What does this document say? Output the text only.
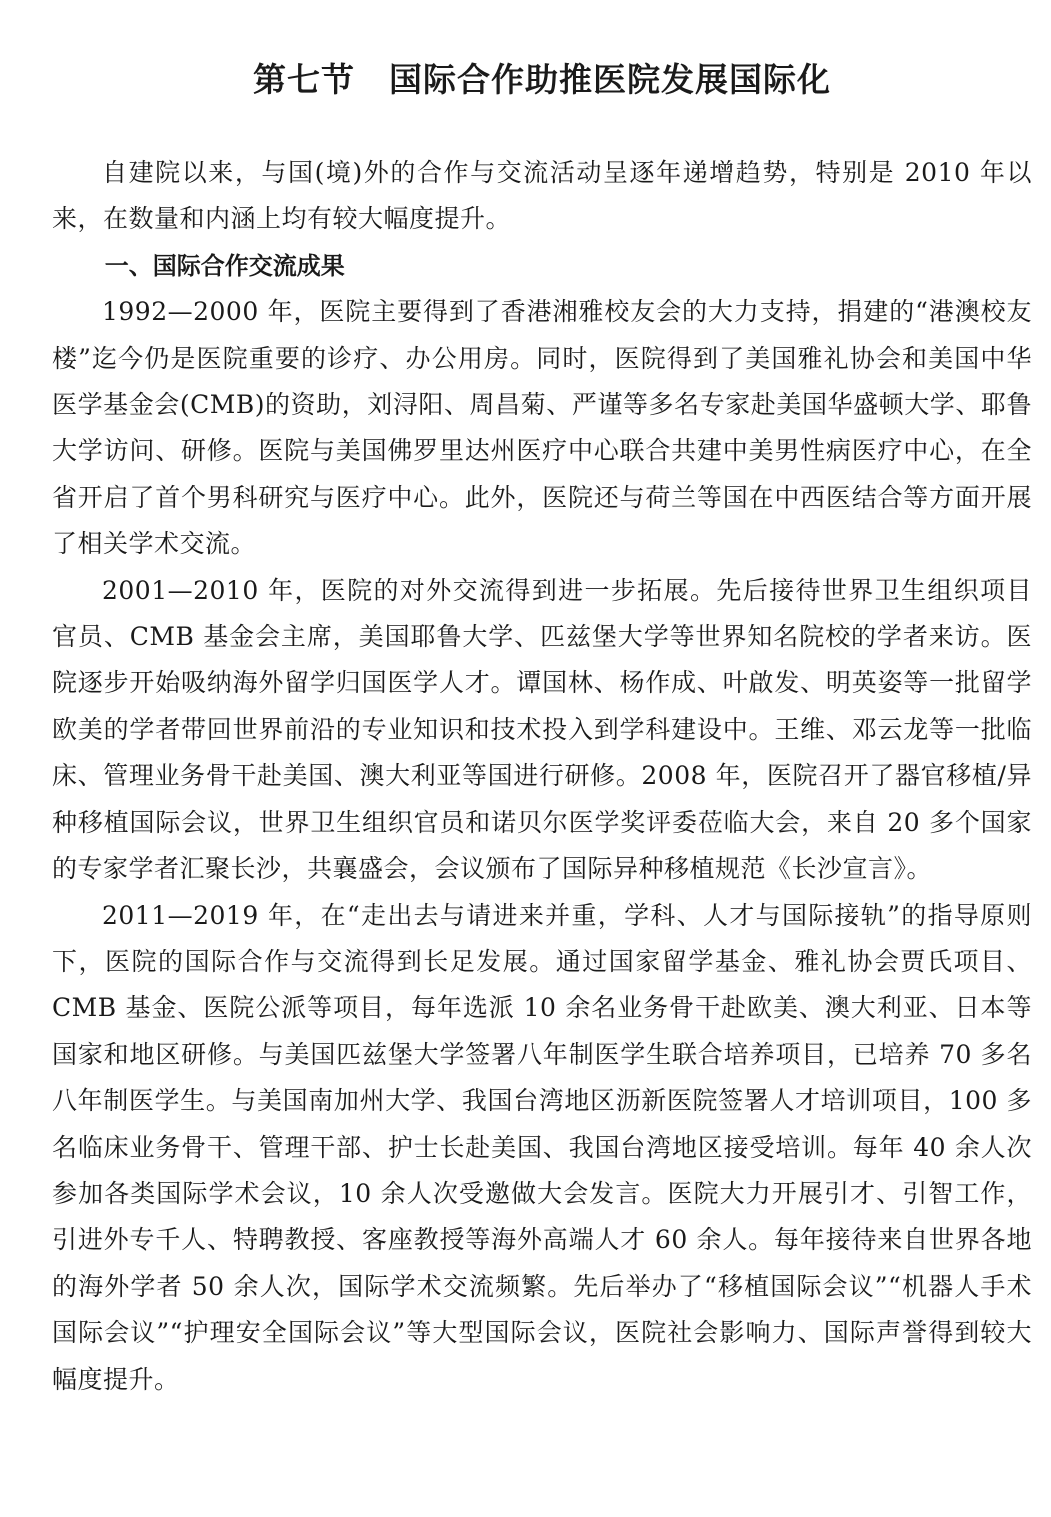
第七节　国际合作助推医院发展国际化

自建院以来，与国(境)外的合作与交流活动呈逐年递增趋势，特别是 2010 年以来，在数量和内涵上均有较大幅度提升。

一、国际合作交流成果

1992—2000 年，医院主要得到了香港湘雅校友会的大力支持，捐建的“港澳校友楼”迄今仍是医院重要的诊疗、办公用房。同时，医院得到了美国雅礼协会和美国中华医学基金会(CMB)的资助，刘浔阳、周昌菊、严谨等多名专家赴美国华盛顿大学、耶鲁大学访问、研修。医院与美国佛罗里达州医疗中心联合共建中美男性病医疗中心，在全省开启了首个男科研究与医疗中心。此外，医院还与荷兰等国在中西医结合等方面开展了相关学术交流。

2001—2010 年，医院的对外交流得到进一步拓展。先后接待世界卫生组织项目官员、CMB 基金会主席，美国耶鲁大学、匹兹堡大学等世界知名院校的学者来访。医院逐步开始吸纳海外留学归国医学人才。谭国林、杨作成、叶啟发、明英姿等一批留学欧美的学者带回世界前沿的专业知识和技术投入到学科建设中。王维、邓云龙等一批临床、管理业务骨干赴美国、澳大利亚等国进行研修。2008 年，医院召开了器官移植/异种移植国际会议，世界卫生组织官员和诺贝尔医学奖评委莅临大会，来自 20 多个国家的专家学者汇聚长沙，共襄盛会，会议颁布了国际异种移植规范《长沙宣言》。

2011—2019 年，在“走出去与请进来并重，学科、人才与国际接轨”的指导原则下，医院的国际合作与交流得到长足发展。通过国家留学基金、雅礼协会贾氏项目、CMB 基金、医院公派等项目，每年选派 10 余名业务骨干赴欧美、澳大利亚、日本等国家和地区研修。与美国匹兹堡大学签署八年制医学生联合培养项目，已培养 70 多名八年制医学生。与美国南加州大学、我国台湾地区沥新医院签署人才培训项目，100 多名临床业务骨干、管理干部、护士长赴美国、我国台湾地区接受培训。每年 40 余人次参加各类国际学术会议，10 余人次受邀做大会发言。医院大力开展引才、引智工作，引进外专千人、特聘教授、客座教授等海外高端人才 60 余人。每年接待来自世界各地的海外学者 50 余人次，国际学术交流频繁。先后举办了“移植国际会议”“机器人手术国际会议”“护理安全国际会议”等大型国际会议，医院社会影响力、国际声誉得到较大幅度提升。
